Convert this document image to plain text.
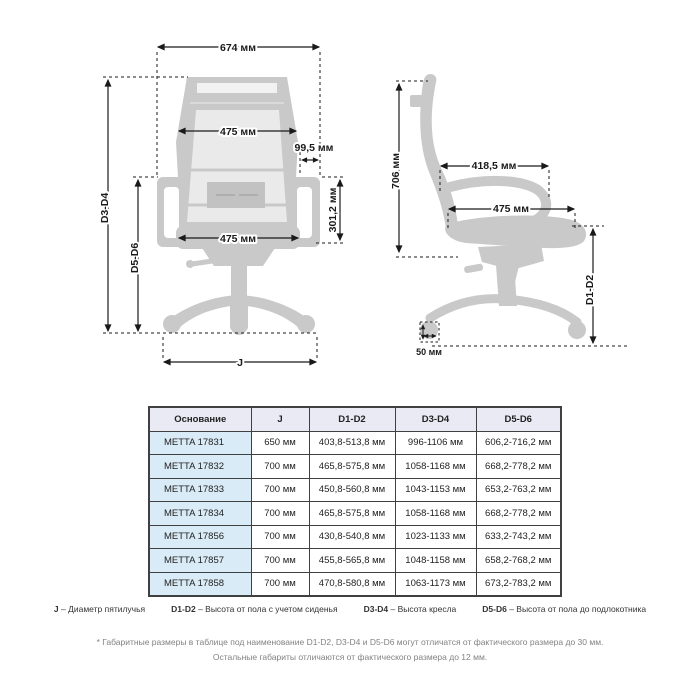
674 мм
475 мм
99,5 мм
301,2 мм
475 мм
D3-D4
D5-D6
J
706 мм	418,5 мм
475 мм
D1-D2
50 мм
Основание	J	D1-D2	D3-D4	D5-D6
METTA 17831	650 мм	403,8-513,8 мм	996-1106 мм	606,2-716,2 мм
METTA 17832	700 мм	465,8-575,8 мм	1058-1168 мм	668,2-778,2 мм
METTA 17833	700 мм	450,8-560,8 мм	1043-1153 мм	653,2-763,2 мм
METTA 17834	700 мм	465,8-575,8 мм	1058-1168 мм	668,2-778,2 мм
METTA 17856	700 мм	430,8-540,8 мм	1023-1133 мм	633,2-743,2 мм
METTA 17857	700 мм	455,8-565,8 мм	1048-1158 мм	658,2-768,2 мм
METTA 17858	700 мм	470,8-580,8 мм	1063-1173 мм	673,2-783,2 мм
J – Диаметр пятилучья	D1-D2 – Высота от пола с учетом сиденья	D3-D4 – Высота кресла	D5-D6 – Высота от пола до подлокотника
* Габаритные размеры в таблице под наименование D1-D2, D3-D4 и D5-D6 могут отличатся от фактического размера до 30 мм.
Остальные габариты отличаются от фактического размера до 12 мм.
